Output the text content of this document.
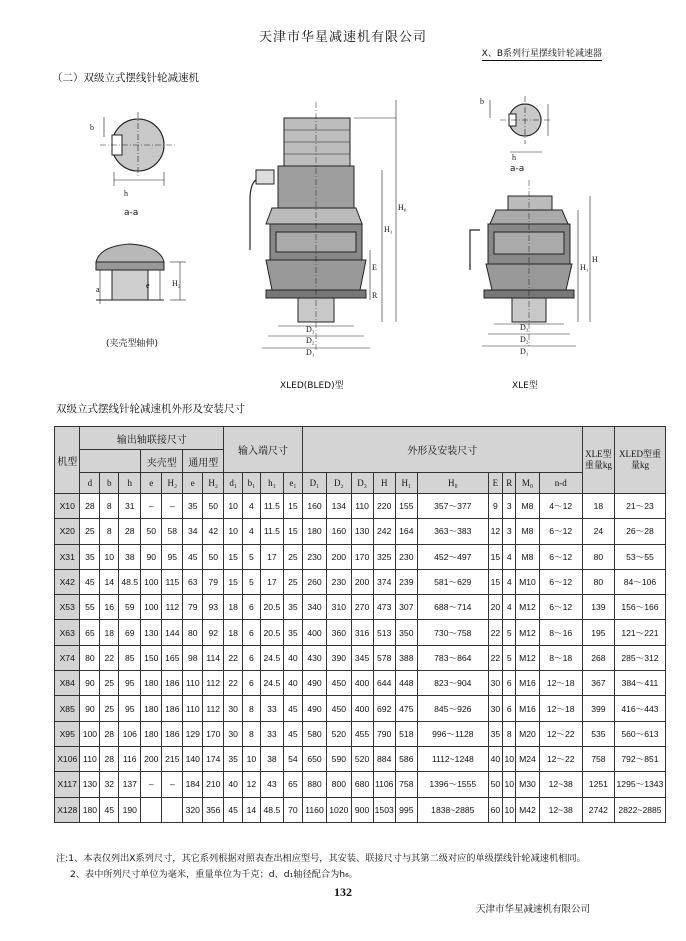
天津市华星减速机有限公司
X、B系列行星摆线针轮减速器
（二）双级立式摆线针轮减速机
b
h
a	e	H₂
H₀
H₁
E
R
D₃
D₂
D₁
b
h
H
H₁
D₃
D₂
D₁
a-a
(夹壳型轴伸)
XLED(BLED)型
a-a
XLE型
双级立式摆线针轮减速机外形及安装尺寸
机型	输出轴联接尺寸							输入端尺寸				外形及安装尺寸										XLE型重量kg	XLED型重量kg
				夹壳型		通用型																	
	d	b	h	e	H₂	e	H₂	d₁	b₁	h₁	e₁	D₁	D₂	D₃	H	H₁	H₀	E	R	M₀	n-d		
X10	28	8	31	–	–	35	50	10	4	11.5	15	160	134	110	220	155	357～377	9	3	M8	4～12	18	21～23
X20	25	8	28	50	58	34	42	10	4	11.5	15	180	160	130	242	164	363～383	12	3	M8	6～12	24	26～28
X31	35	10	38	90	95	45	50	15	5	17	25	230	200	170	325	230	452～497	15	4	M8	6～12	80	53～55
X42	45	14	48.5	100	115	63	79	15	5	17	25	260	230	200	374	239	581～629	15	4	M10	6～12	80	84～106
X53	55	16	59	100	112	79	93	18	6	20.5	35	340	310	270	473	307	688～714	20	4	M12	6～12	139	156～166
X63	65	18	69	130	144	80	92	18	6	20.5	35	400	360	316	513	350	730～758	22	5	M12	8～16	195	121～221
X74	80	22	85	150	165	98	114	22	6	24.5	40	430	390	345	578	388	783～864	22	5	M12	8～18	268	285～312
X84	90	25	95	180	186	110	112	22	6	24.5	40	490	450	400	644	448	823～904	30	6	M16	12～18	367	384～411
X85	90	25	95	180	186	110	112	30	8	33	45	490	450	400	692	475	845～926	30	6	M16	12～18	399	416～443
X95	100	28	106	180	186	129	170	30	8	33	45	580	520	455	790	518	996～1128	35	8	M20	12～22	535	560～613
X106	110	28	116	200	215	140	174	35	10	38	54	650	590	520	884	586	1112~1248	40	10	M24	12～22	758	792～851
X117	130	32	137	–	–	184	210	40	12	43	65	880	800	680	1106	758	1396～1555	50	10	M30	12~38	1251	1295～1343
X128	180	45	190			320	356	45	14	48.5	70	1160	1020	900	1503	995	1838~2885	60	10	M42	12~38	2742	2822~2885
注:1、本表仅列出X系列尺寸，其它系列根据对照表查出相应型号，其安装、联接尺寸与其第二级对应的单级摆线针轮减速机相同。
2、表中所列尺寸单位为毫米，重量单位为千克；d、d₁轴径配合为h₆。
132
天津市华星减速机有限公司
